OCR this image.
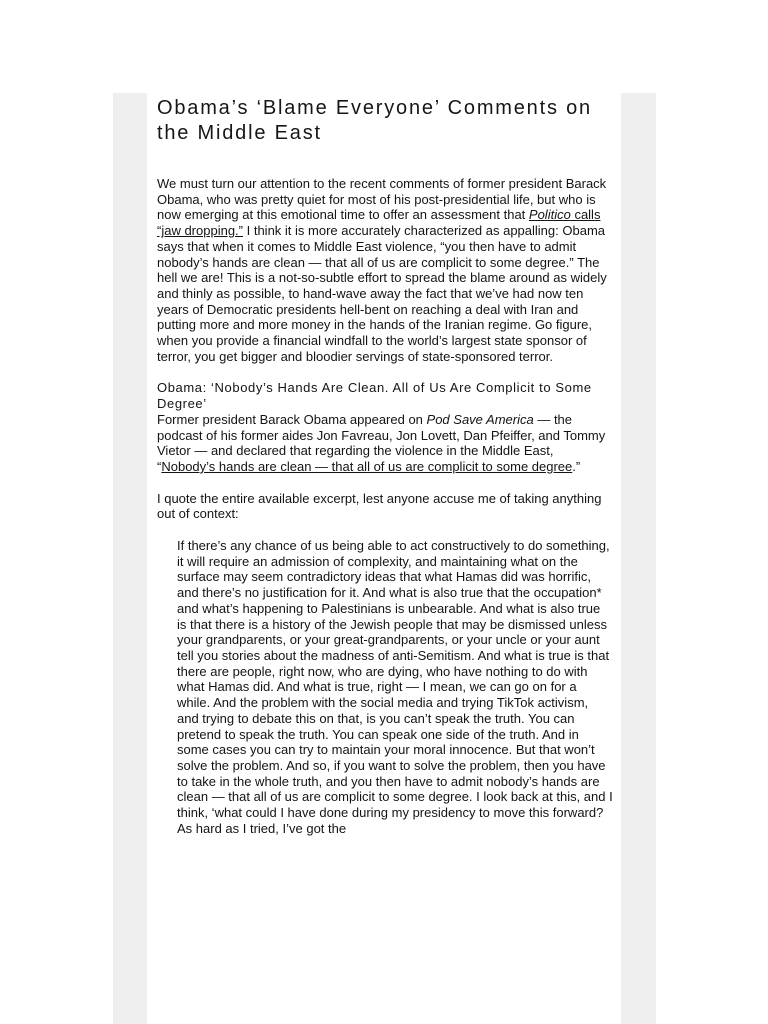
Obama’s ‘Blame Everyone’ Comments on the Middle East

We must turn our attention to the recent comments of former president Barack Obama, who was pretty quiet for most of his post-presidential life, but who is now emerging at this emotional time to offer an assessment that Politico calls “jaw dropping.” I think it is more accurately characterized as appalling: Obama says that when it comes to Middle East violence, “you then have to admit nobody’s hands are clean — that all of us are complicit to some degree.” The hell we are! This is a not-so-subtle effort to spread the blame around as widely and thinly as possible, to hand-wave away the fact that we’ve had now ten years of Democratic presidents hell-bent on reaching a deal with Iran and putting more and more money in the hands of the Iranian regime. Go figure, when you provide a financial windfall to the world’s largest state sponsor of terror, you get bigger and bloodier servings of state-sponsored terror.

Obama: ‘Nobody’s Hands Are Clean. All of Us Are Complicit to Some Degree’

Former president Barack Obama appeared on Pod Save America — the podcast of his former aides Jon Favreau, Jon Lovett, Dan Pfeiffer, and Tommy Vietor — and declared that regarding the violence in the Middle East, “Nobody’s hands are clean — that all of us are complicit to some degree.”

I quote the entire available excerpt, lest anyone accuse me of taking anything out of context:

If there’s any chance of us being able to act constructively to do something, it will require an admission of complexity, and maintaining what on the surface may seem contradictory ideas that what Hamas did was horrific, and there’s no justification for it. And what is also true that the occupation* and what’s happening to Palestinians is unbearable. And what is also true is that there is a history of the Jewish people that may be dismissed unless your grandparents, or your great-grandparents, or your uncle or your aunt tell you stories about the madness of anti-Semitism. And what is true is that there are people, right now, who are dying, who have nothing to do with what Hamas did. And what is true, right — I mean, we can go on for a while. And the problem with the social media and trying TikTok activism, and trying to debate this on that, is you can’t speak the truth. You can pretend to speak the truth. You can speak one side of the truth. And in some cases you can try to maintain your moral innocence. But that won’t solve the problem. And so, if you want to solve the problem, then you have to take in the whole truth, and you then have to admit nobody’s hands are clean — that all of us are complicit to some degree. I look back at this, and I think, ‘what could I have done during my presidency to move this forward? As hard as I tried, I’ve got the
